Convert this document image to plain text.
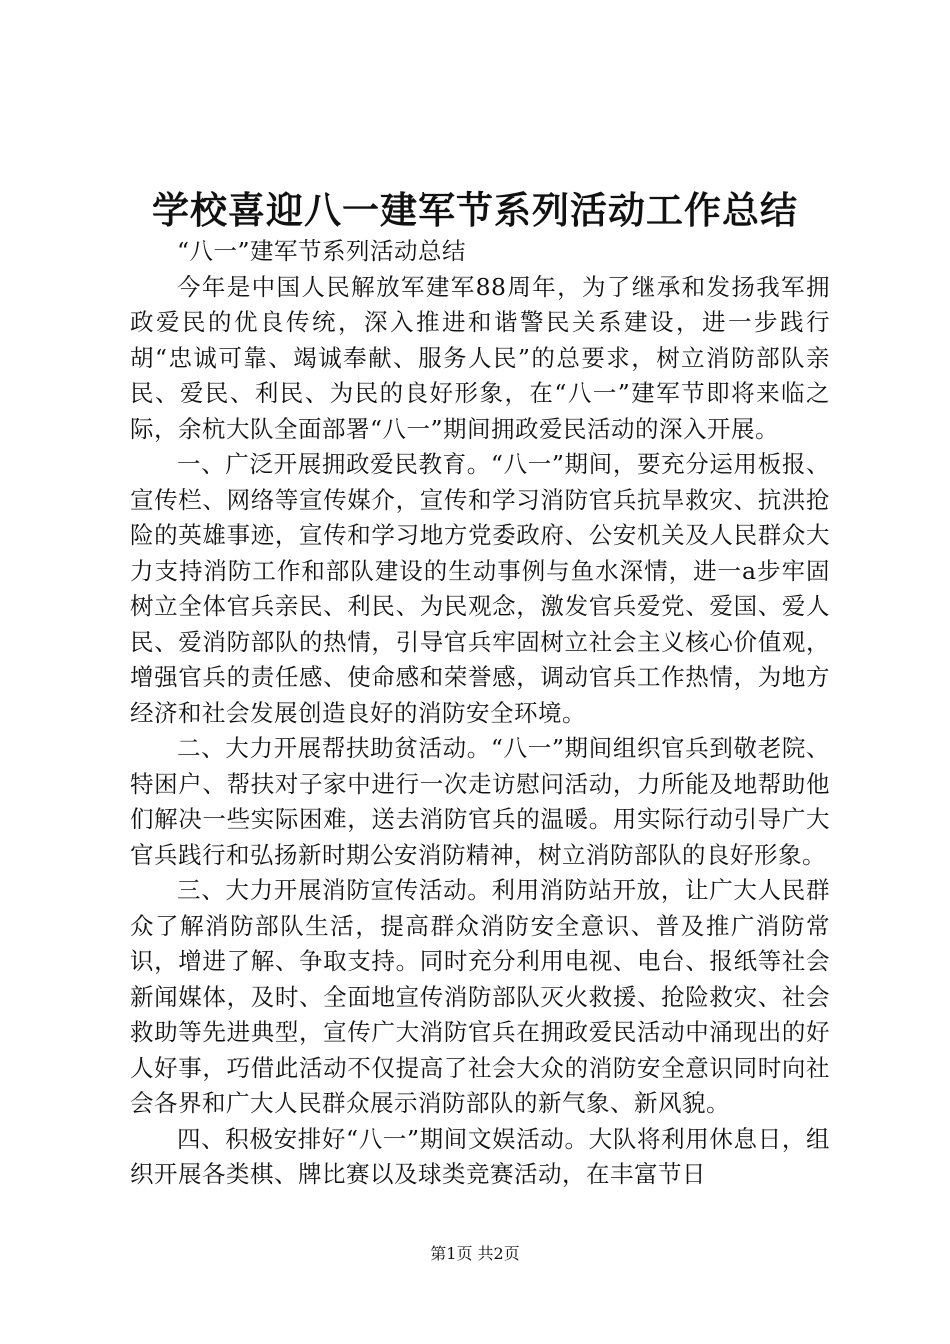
学校喜迎八一建军节系列活动工作总结

“八一”建军节系列活动总结

今年是中国人民解放军建军88周年，为了继承和发扬我军拥政爱民的优良传统，深入推进和谐警民关系建设，进一步践行胡“忠诚可靠、竭诚奉献、服务人民”的总要求，树立消防部队亲民、爱民、利民、为民的良好形象，在“八一”建军节即将来临之际，余杭大队全面部署“八一”期间拥政爱民活动的深入开展。

一、广泛开展拥政爱民教育。“八一”期间，要充分运用板报、宣传栏、网络等宣传媒介，宣传和学习消防官兵抗旱救灾、抗洪抢险的英雄事迹，宣传和学习地方党委政府、公安机关及人民群众大力支持消防工作和部队建设的生动事例与鱼水深情，进一a步牢固树立全体官兵亲民、利民、为民观念，激发官兵爱党、爱国、爱人民、爱消防部队的热情，引导官兵牢固树立社会主义核心价值观，增强官兵的责任感、使命感和荣誉感，调动官兵工作热情，为地方经济和社会发展创造良好的消防安全环境。

二、大力开展帮扶助贫活动。“八一”期间组织官兵到敬老院、特困户、帮扶对子家中进行一次走访慰问活动，力所能及地帮助他们解决一些实际困难，送去消防官兵的温暖。用实际行动引导广大官兵践行和弘扬新时期公安消防精神，树立消防部队的良好形象。

三、大力开展消防宣传活动。利用消防站开放，让广大人民群众了解消防部队生活，提高群众消防安全意识、普及推广消防常识，增进了解、争取支持。同时充分利用电视、电台、报纸等社会新闻媒体，及时、全面地宣传消防部队灭火救援、抢险救灾、社会救助等先进典型，宣传广大消防官兵在拥政爱民活动中涌现出的好人好事，巧借此活动不仅提高了社会大众的消防安全意识同时向社会各界和广大人民群众展示消防部队的新气象、新风貌。

四、积极安排好“八一”期间文娱活动。大队将利用休息日，组织开展各类棋、牌比赛以及球类竞赛活动，在丰富节日

第1页 共2页
